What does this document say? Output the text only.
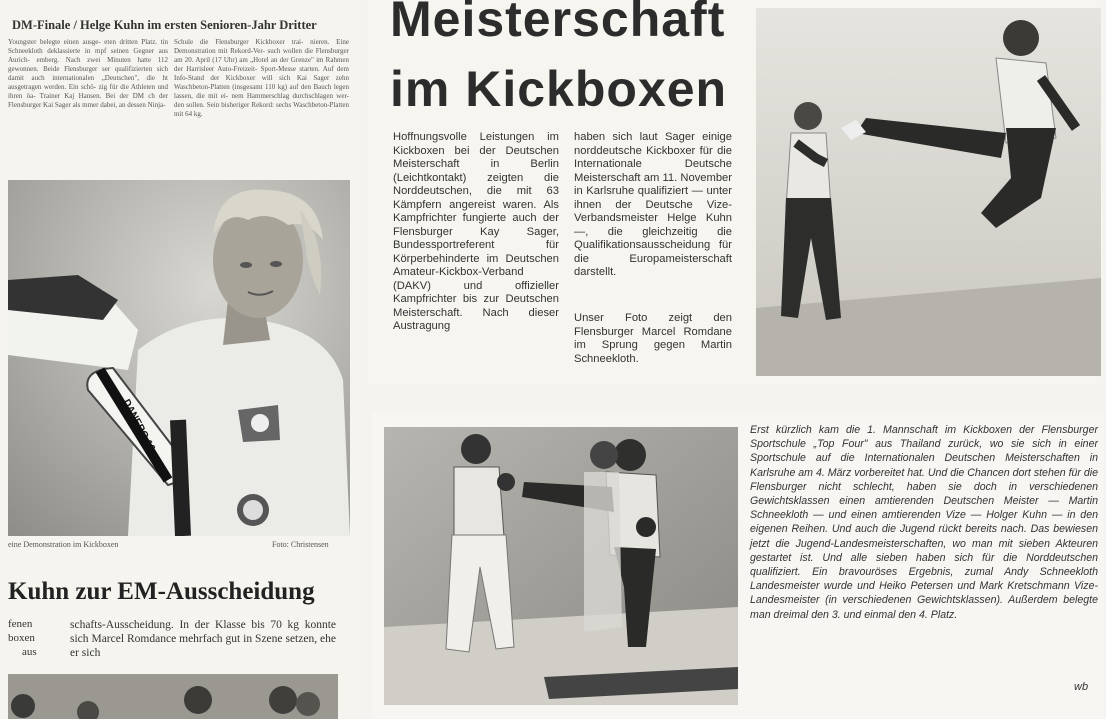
DM-Finale / Helge Kuhn im ersten Senioren-Jahr Dritter
Youngster belegte einen ausge- eten dritten Platz. tin Schneekloth deklassierte in mpf seinen Gegner aus Aurich- emberg. Nach zwei Minuten hatte 112 gewonnen. Beide Flensburger ser qualifizierten sich damit auch internationalen „Deutschen", die ht ausgetragen werden. Ein schö- zig für die Athleten und ihren öa- Trainer Kaj Hansen. Bei der DM ch der Flensburger Kai Sager als mmer dabei, an dessen Ninja-
Schule die Flensburger Kickboxer trai- nieren. Eine Demonstration mit Rekord-Ver- such wollen die Flensburger am 20. April (17 Uhr) am „Hotel an der Grenze" im Rahmen der Harrisleer Auto-Freizeit- Sport-Messe starten. Auf dem Info-Stand der Kickboxer will sich Kai Sager zehn Waschbeton-Platten (insgesamt 110 kg) auf den Bauch legen lassen, die mit ei- nem Hammerschlag durchschlagen wer- den sollen. Sein bisheriger Rekord: sechs Waschbeton-Platten mit 64 kg.
DANERO 10
eine Demonstration im Kickboxen	Foto: Christensen
Kuhn zur EM-Ausscheidung
fenen
boxen
aus
schafts-Ausscheidung. In der Klasse bis 70 kg konnte sich Marcel Romdance mehrfach gut in Szene setzen, ehe er sich
Meisterschaft
im Kickboxen
Hoffnungsvolle Leistungen im Kickboxen bei der Deutschen Meisterschaft in Berlin (Leichtkontakt) zeigten die Norddeutschen, die mit 63 Kämpfern angereist waren. Als Kampfrichter fungierte auch der Flensburger Kay Sager, Bundessportreferent für Körperbehinderte im Deutschen Amateur-Kickbox-Verband (DAKV) und offizieller Kampfrichter bis zur Deutschen Meisterschaft. Nach dieser Austragung
haben sich laut Sager einige norddeutsche Kickboxer für die Internationale Deutsche Meisterschaft am 11. November in Karlsruhe qualifiziert — unter ihnen der Deutsche Vize-Verbandsmeister Helge Kuhn —, die gleichzeitig die Qualifikationsausscheidung für die Europameisterschaft darstellt.
Unser Foto zeigt den Flensburger Marcel Romdane im Sprung gegen Martin Schneekloth.
Erst kürzlich kam die 1. Mannschaft im Kickboxen der Flensburger Sportschule „Top Four" aus Thailand zurück, wo sie sich in einer Sportschule auf die Internationalen Deutschen Meisterschaften in Karlsruhe am 4. März vorbereitet hat. Und die Chancen dort stehen für die Flensburger nicht schlecht, haben sie doch in verschiedenen Gewichtsklassen einen amtierenden Deutschen Meister — Martin Schneekloth — und einen amtierenden Vize — Holger Kuhn — in den eigenen Reihen. Und auch die Jugend rückt bereits nach. Das bewiesen jetzt die Jugend-Landesmeisterschaften, wo man mit sieben Akteuren gestartet ist. Und alle sieben haben sich für die Norddeutschen qualifiziert. Ein bravouröses Ergebnis, zumal Andy Schneekloth Landesmeister wurde und Heiko Petersen und Mark Kretschmann Vize-Landesmeister (in verschiedenen Gewichtsklassen). Außerdem belegte man dreimal den 3. und einmal den 4. Platz.
wb
